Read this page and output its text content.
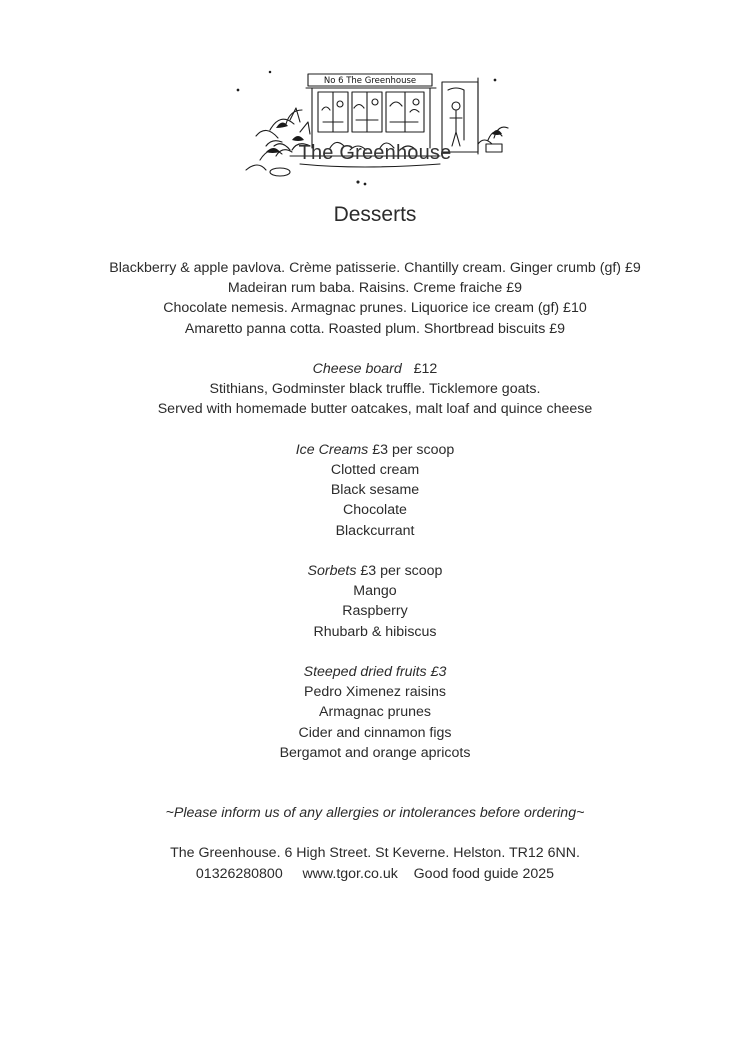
No 6 The Greenhouse
The Greenhouse
Desserts
Blackberry & apple pavlova. Crème patisserie. Chantilly cream. Ginger crumb (gf) £9
Madeiran rum baba. Raisins. Creme fraiche £9
Chocolate nemesis. Armagnac prunes. Liquorice ice cream (gf) £10
Amaretto panna cotta. Roasted plum. Shortbread biscuits £9
Cheese board £12
Stithians, Godminster black truffle. Ticklemore goats.
Served with homemade butter oatcakes, malt loaf and quince cheese
Ice Creams £3 per scoop
Clotted cream
Black sesame
Chocolate
Blackcurrant
Sorbets £3 per scoop
Mango
Raspberry
Rhubarb & hibiscus
Steeped dried fruits £3
Pedro Ximenez raisins
Armagnac prunes
Cider and cinnamon figs
Bergamot and orange apricots
~Please inform us of any allergies or intolerances before ordering~
The Greenhouse. 6 High Street. St Keverne. Helston. TR12 6NN.
01326280800 www.tgor.co.uk Good food guide 2025
